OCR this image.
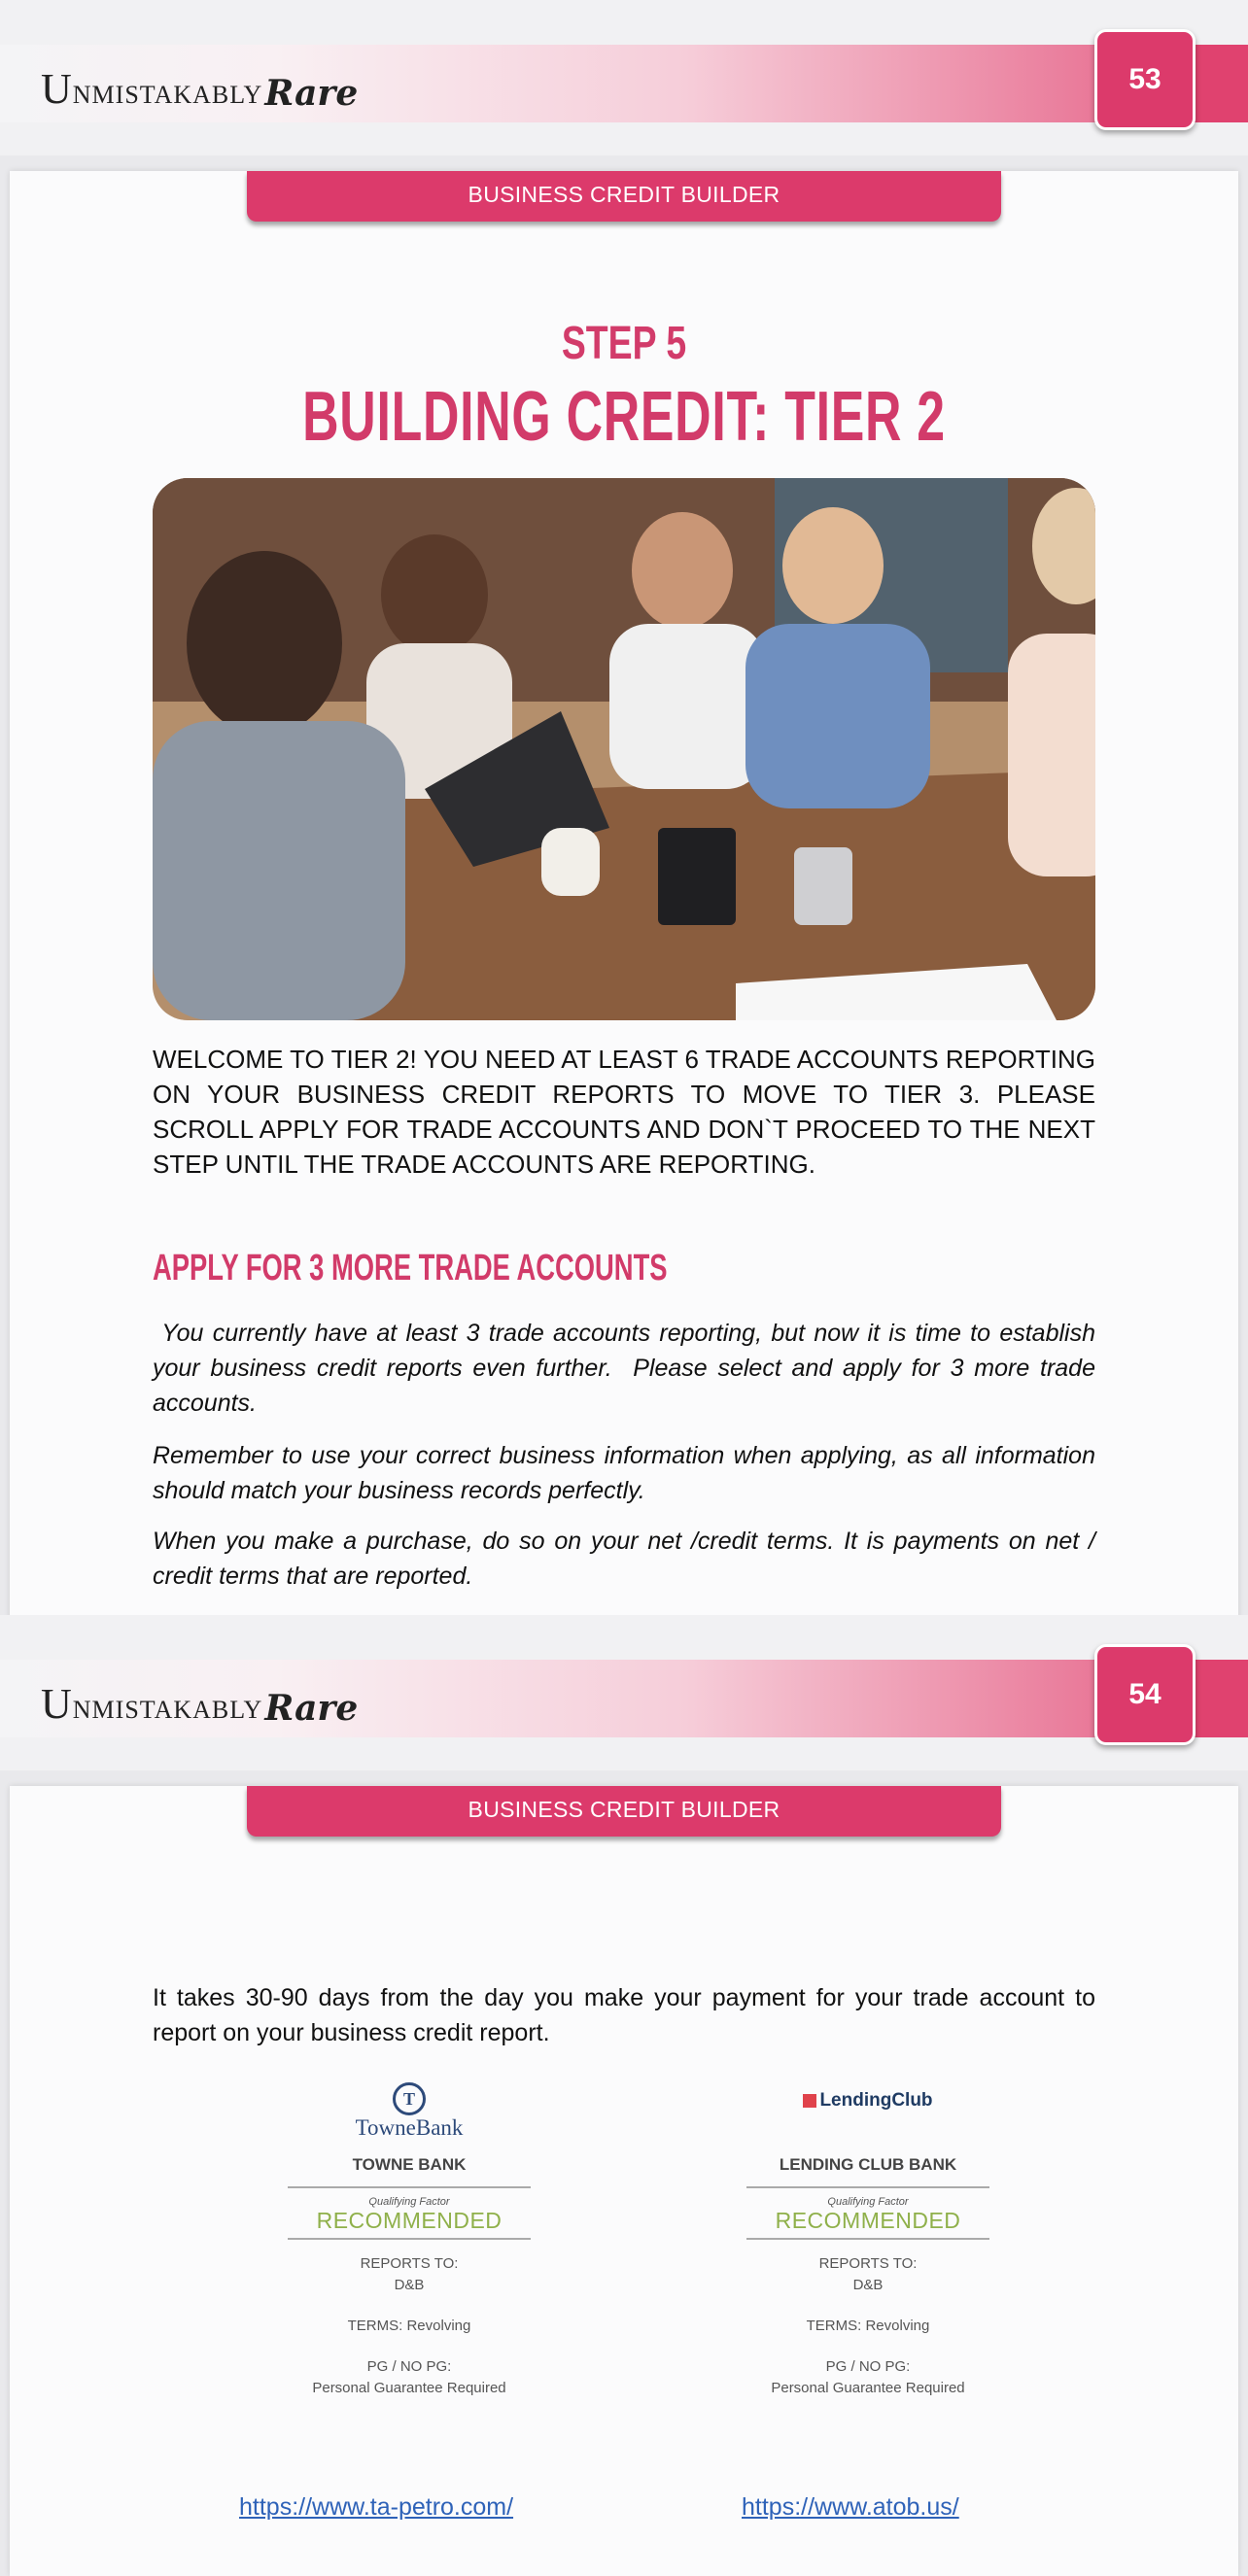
UNMISTAKABLY Rare	53
BUSINESS CREDIT BUILDER
STEP 5
BUILDING CREDIT: TIER 2
WELCOME TO TIER 2! YOU NEED AT LEAST 6 TRADE ACCOUNTS REPORTING ON YOUR BUSINESS CREDIT REPORTS TO MOVE TO TIER 3. PLEASE SCROLL APPLY FOR TRADE ACCOUNTS AND DON`T PROCEED TO THE NEXT STEP UNTIL THE TRADE ACCOUNTS ARE REPORTING.
APPLY FOR 3 MORE TRADE ACCOUNTS
You currently have at least 3 trade accounts reporting, but now it is time to establish your business credit reports even further.  Please select and apply for 3 more trade accounts.
Remember to use your correct business information when applying, as all information should match your business records perfectly.
When you make a purchase, do so on your net /credit terms. It is payments on net / credit terms that are reported.
UNMISTAKABLY Rare	54
BUSINESS CREDIT BUILDER
It takes 30-90 days from the day you make your payment for your trade account to report on your business credit report.
T
TowneBank
TOWNE BANK
Qualifying Factor
RECOMMENDED
REPORTS TO:
D&B
TERMS: Revolving
PG / NO PG:
Personal Guarantee Required
LendingClub
LENDING CLUB BANK
Qualifying Factor
RECOMMENDED
REPORTS TO:
D&B
TERMS: Revolving
PG / NO PG:
Personal Guarantee Required
https://www.ta-petro.com/	https://www.atob.us/
